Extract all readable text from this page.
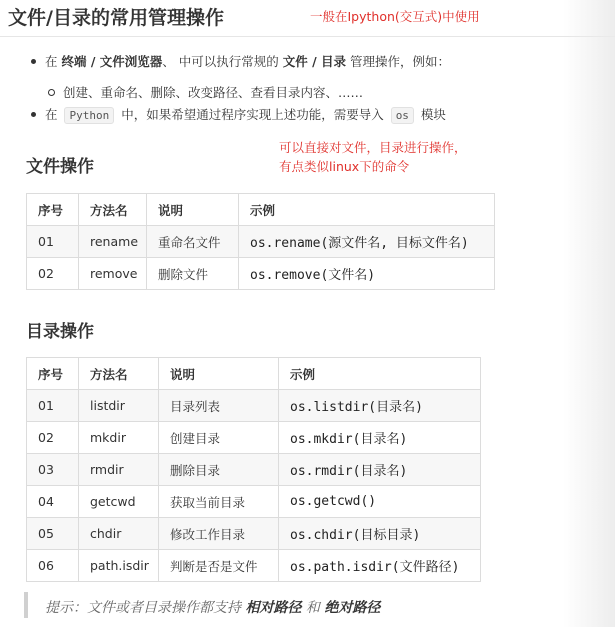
文件/目录的常用管理操作	一般在Ipython(交互式)中使用
在 终端 / 文件浏览器、 中可以执行常规的 文件 / 目录 管理操作，例如：
创建、重命名、删除、改变路径、查看目录内容、……
在 Python 中，如果希望通过程序实现上述功能，需要导入 os 模块
文件操作
可以直接对文件，目录进行操作，
有点类似linux下的命令
序号	方法名	说明	示例
01	rename	重命名文件	os.rename(源文件名, 目标文件名)
02	remove	删除文件	os.remove(文件名)
目录操作
序号	方法名	说明	示例
01	listdir	目录列表	os.listdir(目录名)
02	mkdir	创建目录	os.mkdir(目录名)
03	rmdir	删除目录	os.rmdir(目录名)
04	getcwd	获取当前目录	os.getcwd()
05	chdir	修改工作目录	os.chdir(目标目录)
06	path.isdir	判断是否是文件	os.path.isdir(文件路径)
提示：文件或者目录操作都支持 相对路径 和 绝对路径
